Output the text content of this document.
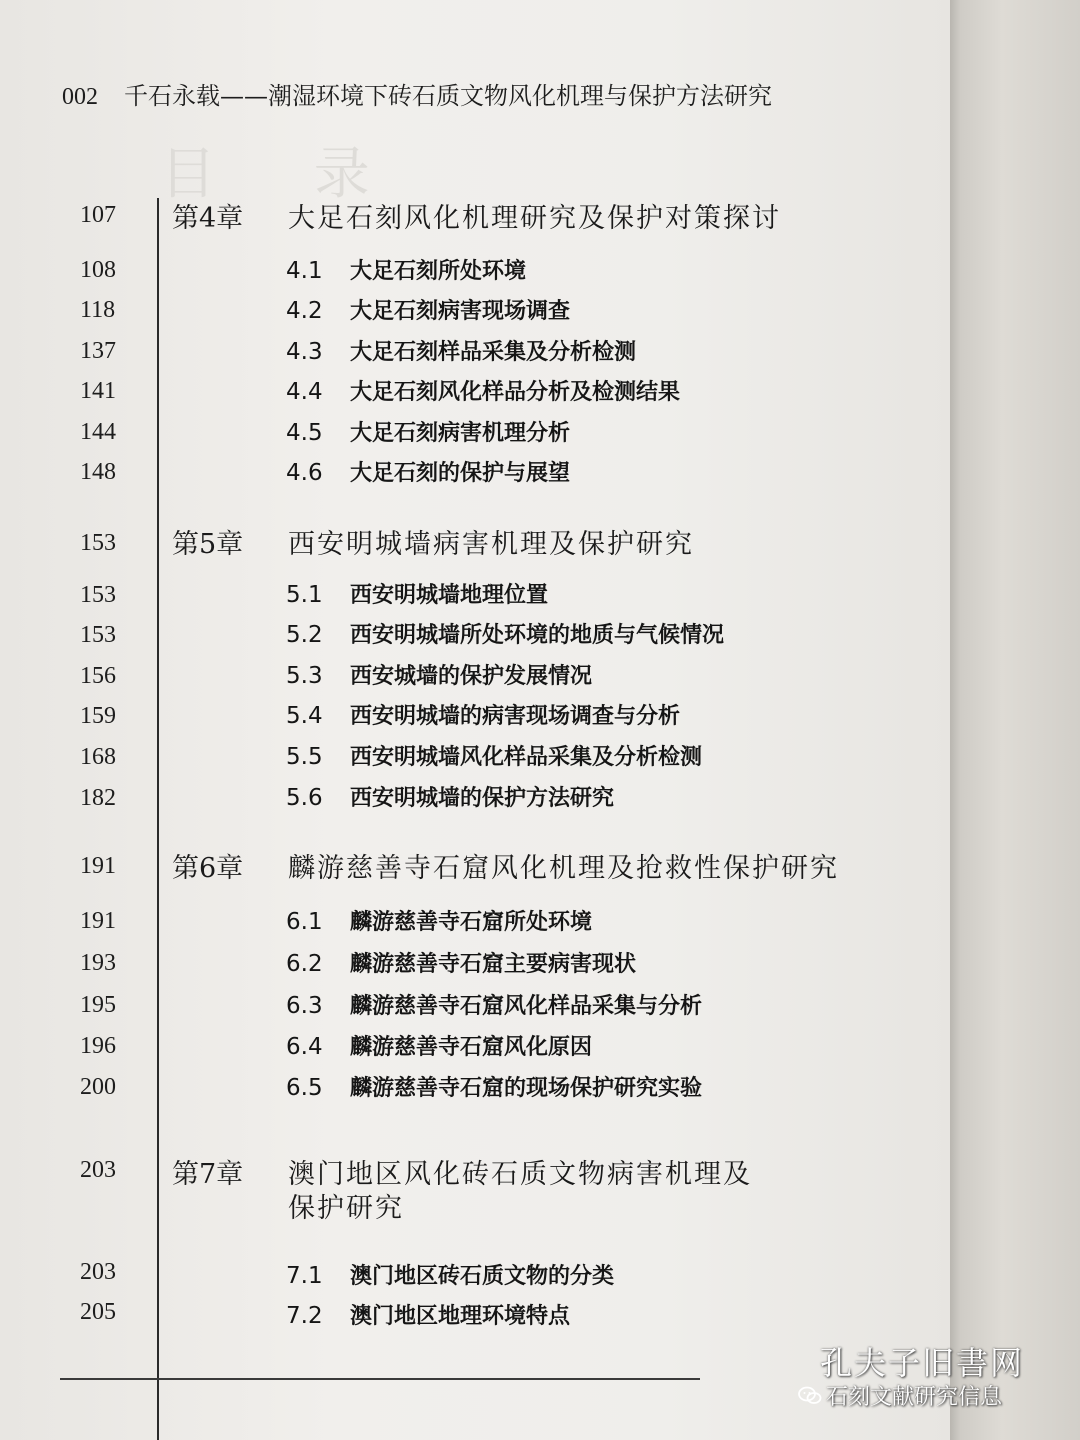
目 录
002 千石永载——潮湿环境下砖石质文物风化机理与保护方法研究
107	第4章 大足石刻风化机理研究及保护对策探讨
108	4.1 大足石刻所处环境
118	4.2 大足石刻病害现场调查
137	4.3 大足石刻样品采集及分析检测
141	4.4 大足石刻风化样品分析及检测结果
144	4.5 大足石刻病害机理分析
148	4.6 大足石刻的保护与展望
153	第5章 西安明城墙病害机理及保护研究
153	5.1 西安明城墙地理位置
153	5.2 西安明城墙所处环境的地质与气候情况
156	5.3 西安城墙的保护发展情况
159	5.4 西安明城墙的病害现场调查与分析
168	5.5 西安明城墙风化样品采集及分析检测
182	5.6 西安明城墙的保护方法研究
191	第6章 麟游慈善寺石窟风化机理及抢救性保护研究
191	6.1 麟游慈善寺石窟所处环境
193	6.2 麟游慈善寺石窟主要病害现状
195	6.3 麟游慈善寺石窟风化样品采集与分析
196	6.4 麟游慈善寺石窟风化原因
200	6.5 麟游慈善寺石窟的现场保护研究实验
203	第7章 澳门地区风化砖石质文物病害机理及
保护研究
203	7.1 澳门地区砖石质文物的分类
205	7.2 澳门地区地理环境特点
孔夫子旧書网
石刻文献研究信息
